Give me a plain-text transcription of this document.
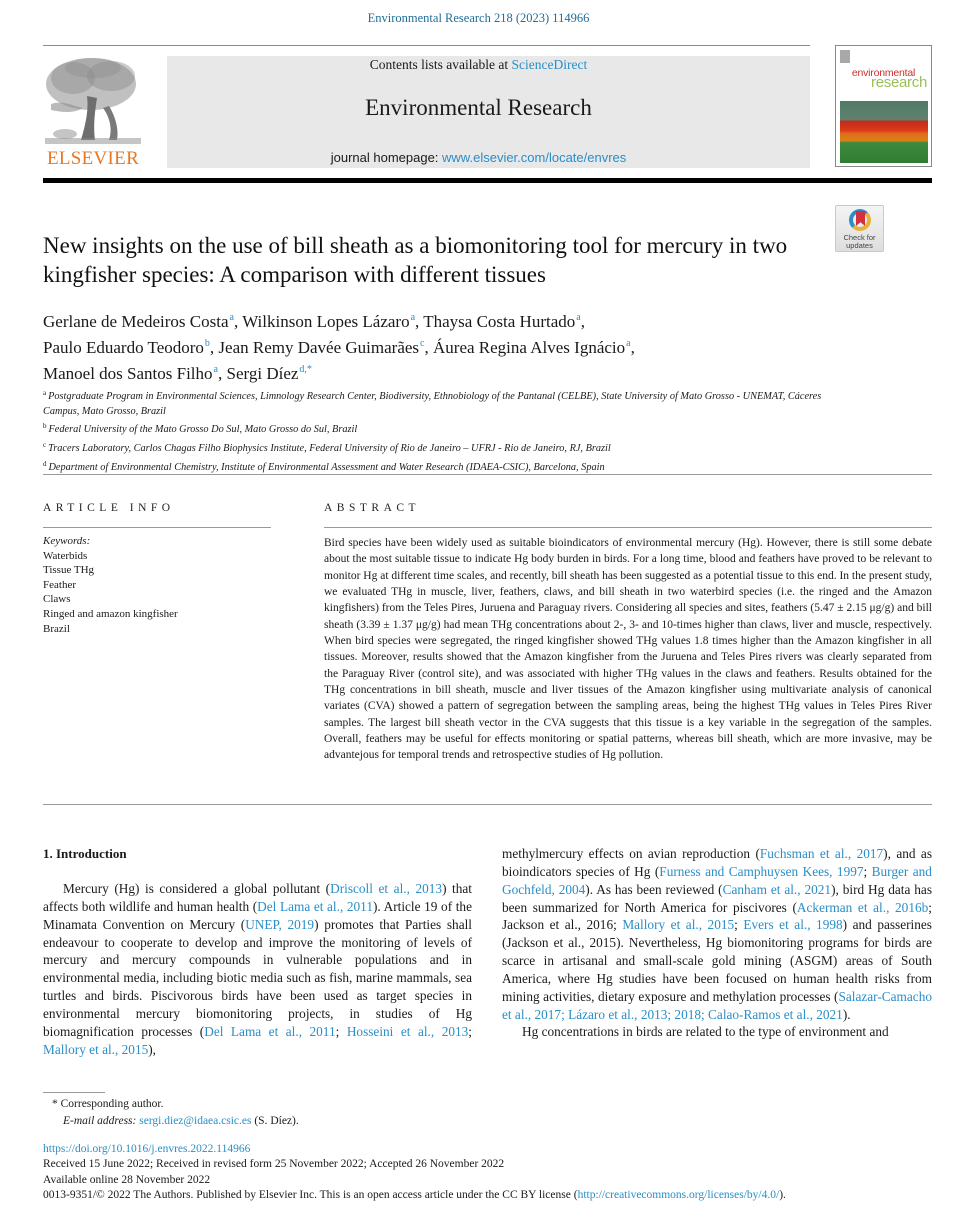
Environmental Research 218 (2023) 114966
ELSEVIER
Contents lists available at ScienceDirect
Environmental Research
journal homepage: www.elsevier.com/locate/envres
environmental
research
Check for updates
New insights on the use of bill sheath as a biomonitoring tool for mercury in two kingfisher species: A comparison with different tissues
Gerlane de Medeiros Costa$^a$, Wilkinson Lopes Lázaro$^a$, Thaysa Costa Hurtado$^a$,
Paulo Eduardo Teodoro$^b$, Jean Remy Davée Guimarães$^c$, Áurea Regina Alves Ignácio$^a$,
Manoel dos Santos Filho$^a$, Sergi Díez$^{d,*}$
$^a$ Postgraduate Program in Environmental Sciences, Limnology Research Center, Biodiversity, Ethnobiology of the Pantanal (CELBE), State University of Mato Grosso - UNEMAT, Cáceres Campus, Mato Grosso, Brazil
$^b$ Federal University of the Mato Grosso Do Sul, Mato Grosso do Sul, Brazil
$^c$ Tracers Laboratory, Carlos Chagas Filho Biophysics Institute, Federal University of Rio de Janeiro – UFRJ - Rio de Janeiro, RJ, Brazil
$^d$ Department of Environmental Chemistry, Institute of Environmental Assessment and Water Research (IDAEA-CSIC), Barcelona, Spain
ARTICLE INFO
Keywords:
Waterbids
Tissue THg
Feather
Claws
Ringed and amazon kingfisher
Brazil
ABSTRACT

Bird species have been widely used as suitable bioindicators of environmental mercury (Hg). However, there is still some debate about the most suitable tissue to indicate Hg body burden in birds. For a long time, blood and feathers have proved to be relevant to monitor Hg at different time scales, and recently, bill sheath has been suggested as a potential tissue to this end. In the present study, we evaluated THg in muscle, liver, feathers, claws, and bill sheath in two waterbird species (i.e. the ringed and the Amazon kingfishers) from the Teles Pires, Juruena and Paraguay rivers. Considering all species and sites, feathers (5.47 ± 2.15 μg/g) and bill sheath (3.39 ± 1.37 μg/g) had mean THg concentrations about 2-, 3- and 10-times higher than claws, liver and muscle, respectively. When bird species were segregated, the ringed kingfisher showed THg values 1.8 times higher than the Amazon kingfisher in all tissues. Moreover, results showed that the Amazon kingfisher from the Juruena and Teles Pires rivers was clearly separated from the Paraguay River (control site), and was associated with higher THg values in the claws and feathers. Results obtained for the THg concentrations in bill sheath, muscle and liver tissues of the Amazon kingfisher using multivariate analysis of canonical variates (CVA) showed a pattern of segregation between the sampling areas, being the highest THg values in Teles Pires River samples. The largest bill sheath vector in the CVA suggests that this tissue is a key variable in the segregation of the samples. Overall, feathers may be useful for effects monitoring or spatial patterns, whereas bill sheath, which are more invasive, may be advantejous for temporal trends and retrospective studies of Hg pollution.

1. Introduction

Mercury (Hg) is considered a global pollutant (Driscoll et al., 2013) that affects both wildlife and human health (Del Lama et al., 2011). Article 19 of the Minamata Convention on Mercury (UNEP, 2019) promotes that Parties shall endeavour to cooperate to develop and improve the monitoring of levels of mercury and mercury compounds in vulnerable populations and in environmental media, including biotic media such as fish, marine mammals, sea turtles and birds. Piscivorous birds have been used as target species in environmental mercury biomonitoring projects, in studies of Hg biomagnification processes (Del Lama et al., 2011; Hosseini et al., 2013; Mallory et al., 2015),

methylmercury effects on avian reproduction (Fuchsman et al., 2017), and as bioindicators species of Hg (Furness and Camphuysen Kees, 1997; Burger and Gochfeld, 2004). As has been reviewed (Canham et al., 2021), bird Hg data has been summarized for North America for piscivores (Ackerman et al., 2016b; Jackson et al., 2016; Mallory et al., 2015; Evers et al., 1998) and passerines (Jackson et al., 2015). Nevertheless, Hg biomonitoring programs for birds are scarce in artisanal and small-scale gold mining (ASGM) areas of South America, where Hg studies have been focused on human health risks from mining activities, dietary exposure and methylation processes (Salazar-Camacho et al., 2017; Lázaro et al., 2013; 2018; Calao-Ramos et al., 2021).

Hg concentrations in birds are related to the type of environment and

* Corresponding author.
E-mail address: sergi.diez@idaea.csic.es (S. Díez).
https://doi.org/10.1016/j.envres.2022.114966
Received 15 June 2022; Received in revised form 25 November 2022; Accepted 26 November 2022
Available online 28 November 2022
0013-9351/© 2022 The Authors. Published by Elsevier Inc. This is an open access article under the CC BY license (http://creativecommons.org/licenses/by/4.0/).
